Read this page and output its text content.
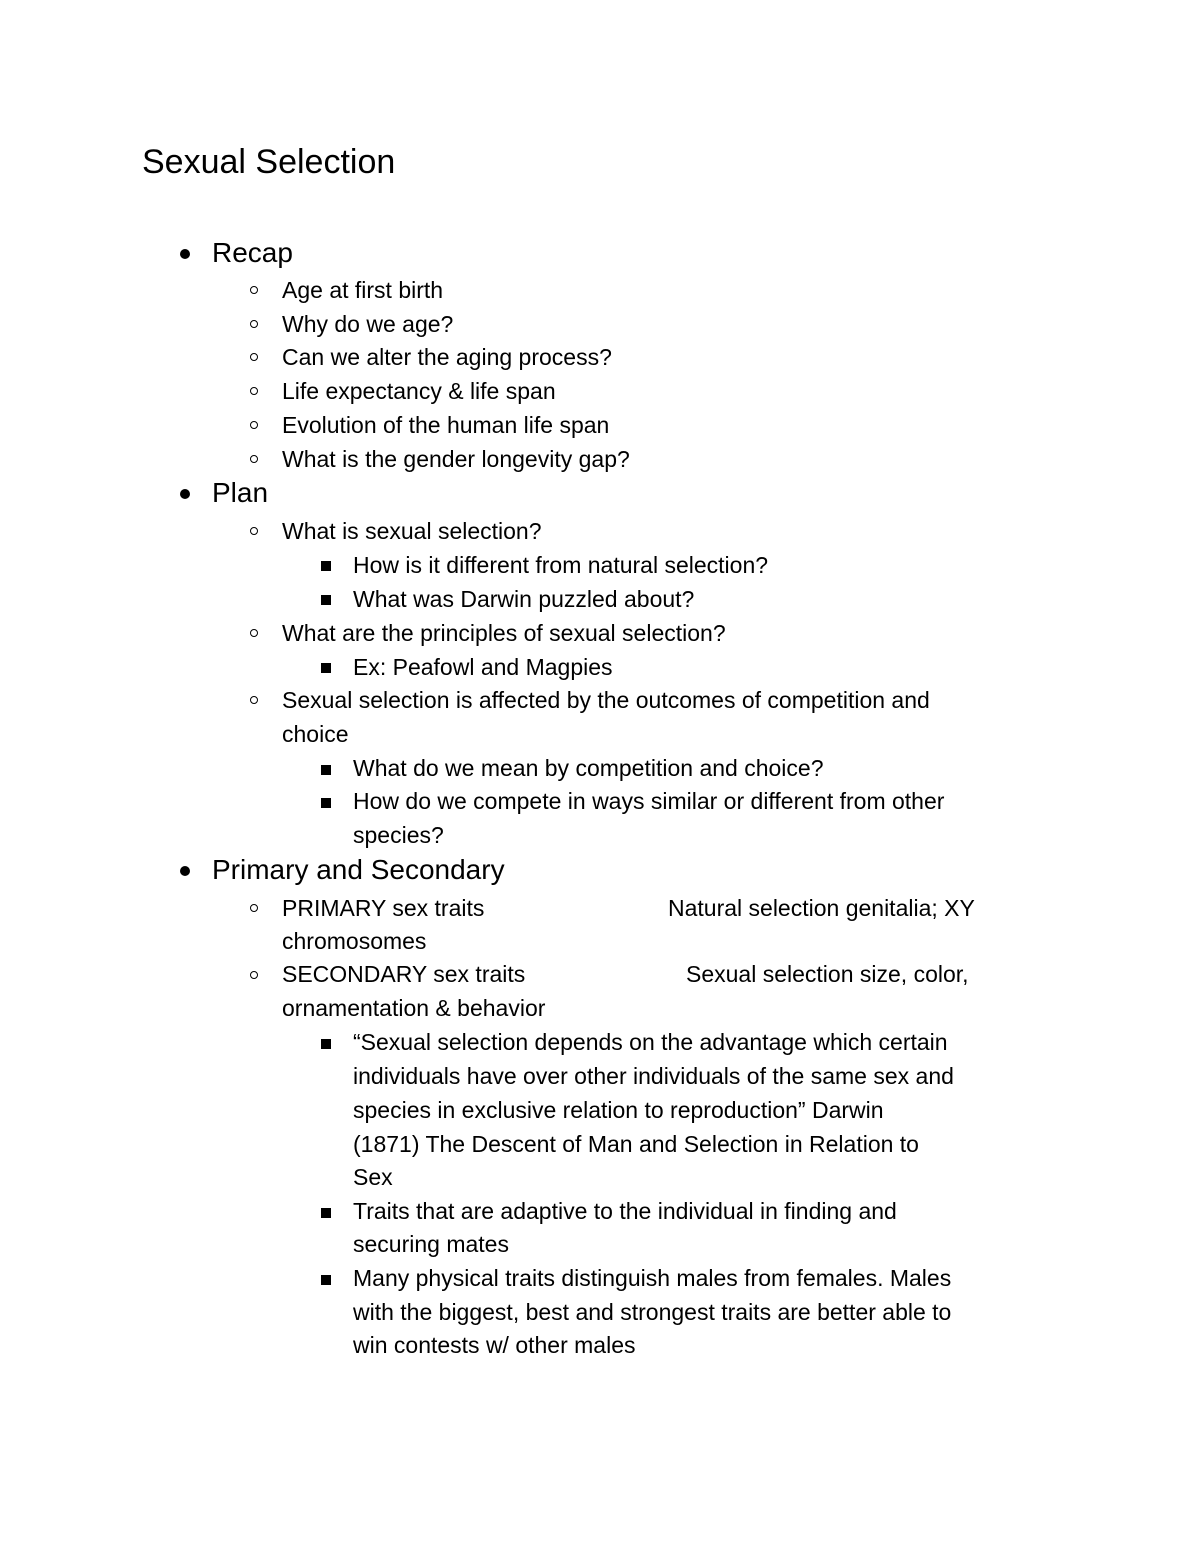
Sexual Selection
Recap
Age at first birth
Why do we age?
Can we alter the aging process?
Life expectancy & life span
Evolution of the human life span
What is the gender longevity gap?
Plan
What is sexual selection?
How is it different from natural selection?
What was Darwin puzzled about?
What are the principles of sexual selection?
Ex: Peafowl and Magpies
Sexual selection is affected by the outcomes of competition and
choice
What do we mean by competition and choice?
How do we compete in ways similar or different from other
species?
Primary and Secondary
PRIMARY sex traits	Natural selection genitalia; XY
chromosomes
SECONDARY sex traits	Sexual selection size, color,
ornamentation & behavior
“Sexual selection depends on the advantage which certain
individuals have over other individuals of the same sex and
species in exclusive relation to reproduction” Darwin
(1871) The Descent of Man and Selection in Relation to
Sex
Traits that are adaptive to the individual in finding and
securing mates
Many physical traits distinguish males from females. Males
with the biggest, best and strongest traits are better able to
win contests w/ other males
